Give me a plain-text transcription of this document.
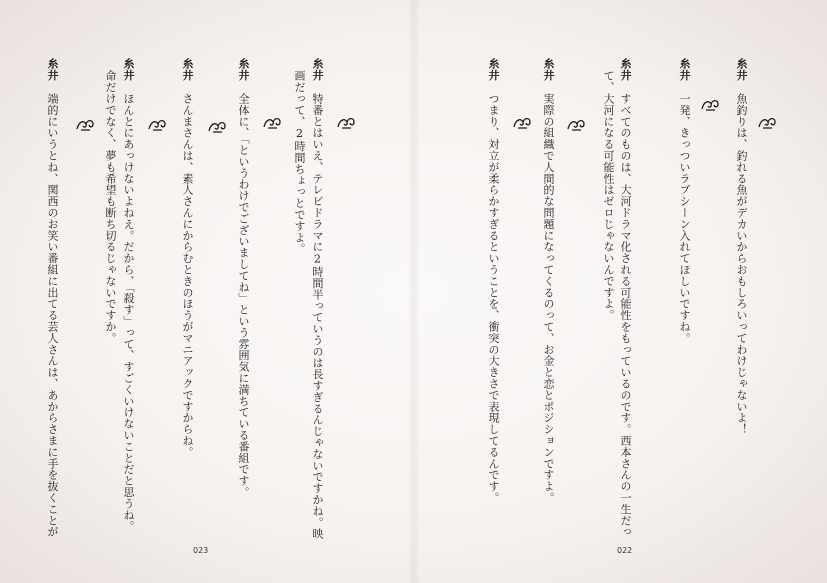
糸井魚釣りは、釣れる魚がデカいからおもしろいってわけじゃないよ！
糸井一発、きっついラブシーン入れてほしいですね。
糸井すべてのものは、大河ドラマ化される可能性をもっているのです。西本さんの一生だっ
て、大河になる可能性はゼロじゃないんですよ。
糸井実際の組織で人間的な問題になってくるのって、お金と恋とポジションですよ。
糸井つまり、対立が柔らかすぎるということを、衝突の大きさで表現してるんです。
022
糸井特番とはいえ、テレビドラマに2時間半っていうのは長すぎるんじゃないですかね。映
画だって、2時間ちょっとですよ。
糸井全体に、「というわけでございましてね」という雰囲気に満ちている番組です。
糸井さんまさんは、素人さんにからむときのほうがマニアックですからね。
糸井ほんとにあっけないよねえ。だから、「殺す」って、すごくいけないことだと思うね。
命だけでなく、夢も希望も断ち切るじゃないですか。
糸井端的にいうとね、関西のお笑い番組に出てる芸人さんは、あからさまに手を抜くことが
023
